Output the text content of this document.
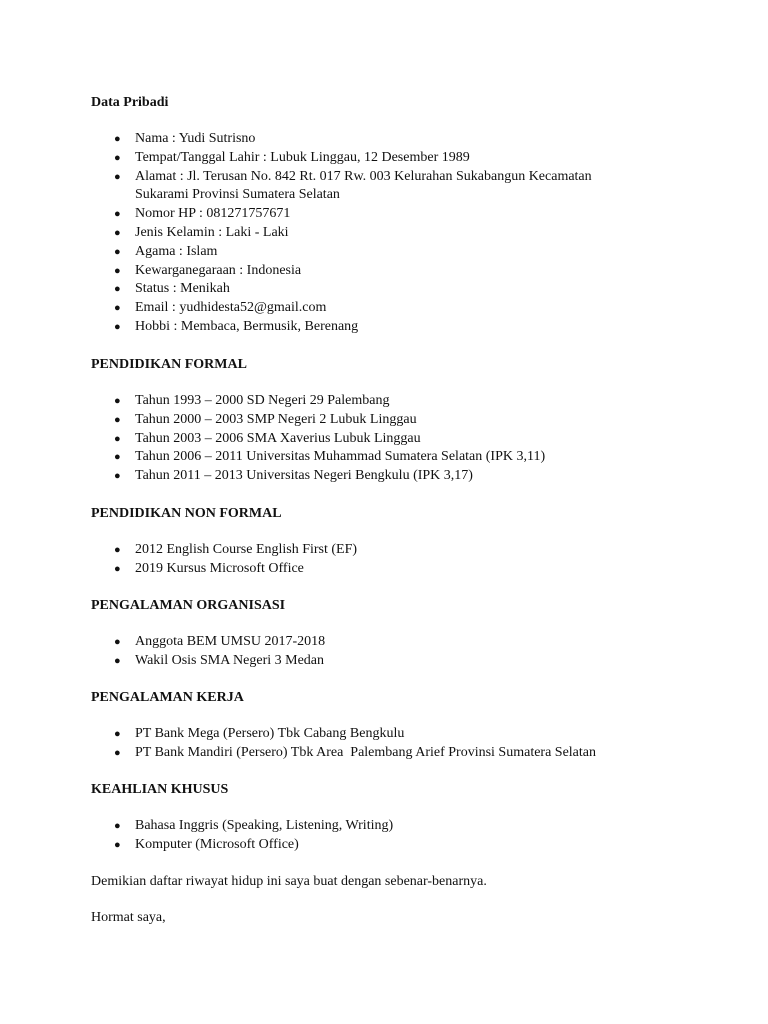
Data Pribadi
● Nama : Yudi Sutrisno
● Tempat/Tanggal Lahir : Lubuk Linggau, 12 Desember 1989
● Alamat : Jl. Terusan No. 842 Rt. 017 Rw. 003 Kelurahan Sukabangun Kecamatan Sukarami Provinsi Sumatera Selatan
● Nomor HP : 081271757671
● Jenis Kelamin : Laki - Laki
● Agama : Islam
● Kewarganegaraan : Indonesia
● Status : Menikah
● Email : yudhidesta52@gmail.com
● Hobbi : Membaca, Bermusik, Berenang
PENDIDIKAN FORMAL
● Tahun 1993 – 2000 SD Negeri 29 Palembang
● Tahun 2000 – 2003 SMP Negeri 2 Lubuk Linggau
● Tahun 2003 – 2006 SMA Xaverius Lubuk Linggau
● Tahun 2006 – 2011 Universitas Muhammad Sumatera Selatan (IPK 3,11)
● Tahun 2011 – 2013 Universitas Negeri Bengkulu (IPK 3,17)
PENDIDIKAN NON FORMAL
● 2012 English Course English First (EF)
● 2019 Kursus Microsoft Office
PENGALAMAN ORGANISASI
● Anggota BEM UMSU 2017-2018
● Wakil Osis SMA Negeri 3 Medan
PENGALAMAN KERJA
● PT Bank Mega (Persero) Tbk Cabang Bengkulu
● PT Bank Mandiri (Persero) Tbk Area  Palembang Arief Provinsi Sumatera Selatan
KEAHLIAN KHUSUS
● Bahasa Inggris (Speaking, Listening, Writing)
● Komputer (Microsoft Office)
Demikian daftar riwayat hidup ini saya buat dengan sebenar-benarnya.
Hormat saya,
